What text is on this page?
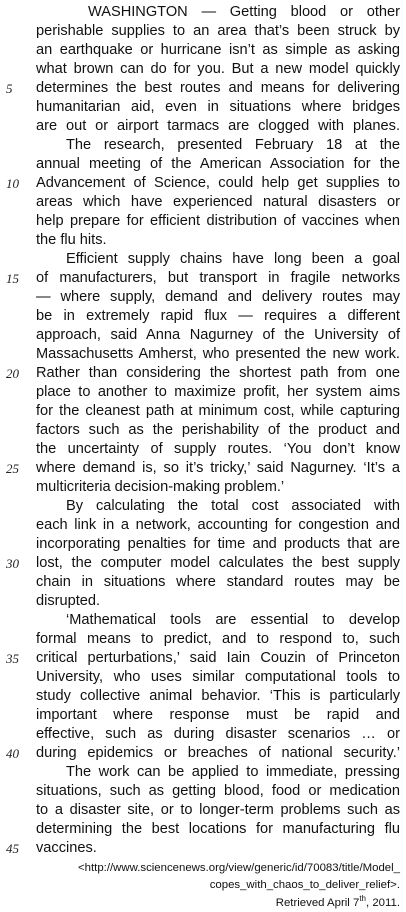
WASHINGTON — Getting blood or other
perishable supplies to an area that’s been struck by
an earthquake or hurricane isn’t as simple as asking
what brown can do for you. But a new model quickly
determines the best routes and means for delivering
humanitarian aid, even in situations where bridges
are out or airport tarmacs are clogged with planes.
The research, presented February 18 at the
annual meeting of the American Association for the
Advancement of Science, could help get supplies to
areas which have experienced natural disasters or
help prepare for efficient distribution of vaccines when
the flu hits.
Efficient supply chains have long been a goal
of manufacturers, but transport in fragile networks
— where supply, demand and delivery routes may
be in extremely rapid flux — requires a different
approach, said Anna Nagurney of the University of
Massachusetts Amherst, who presented the new work.
Rather than considering the shortest path from one
place to another to maximize profit, her system aims
for the cleanest path at minimum cost, while capturing
factors such as the perishability of the product and
the uncertainty of supply routes. ‘You don’t know
where demand is, so it’s tricky,’ said Nagurney. ‘It’s a
multicriteria decision-making problem.’
By calculating the total cost associated with
each link in a network, accounting for congestion and
incorporating penalties for time and products that are
lost, the computer model calculates the best supply
chain in situations where standard routes may be
disrupted.
‘Mathematical tools are essential to develop
formal means to predict, and to respond to, such
critical perturbations,’ said Iain Couzin of Princeton
University, who uses similar computational tools to
study collective animal behavior. ‘This is particularly
important where response must be rapid and
effective, such as during disaster scenarios … or
during epidemics or breaches of national security.’
The work can be applied to immediate, pressing
situations, such as getting blood, food or medication
to a disaster site, or to longer-term problems such as
determining the best locations for manufacturing flu
vaccines.
5
10
15
20
25
30
35
40
45
<http://www.sciencenews.org/view/generic/id/70083/title/Model_
copes_with_chaos_to_deliver_relief>.
Retrieved April 7th, 2011.
